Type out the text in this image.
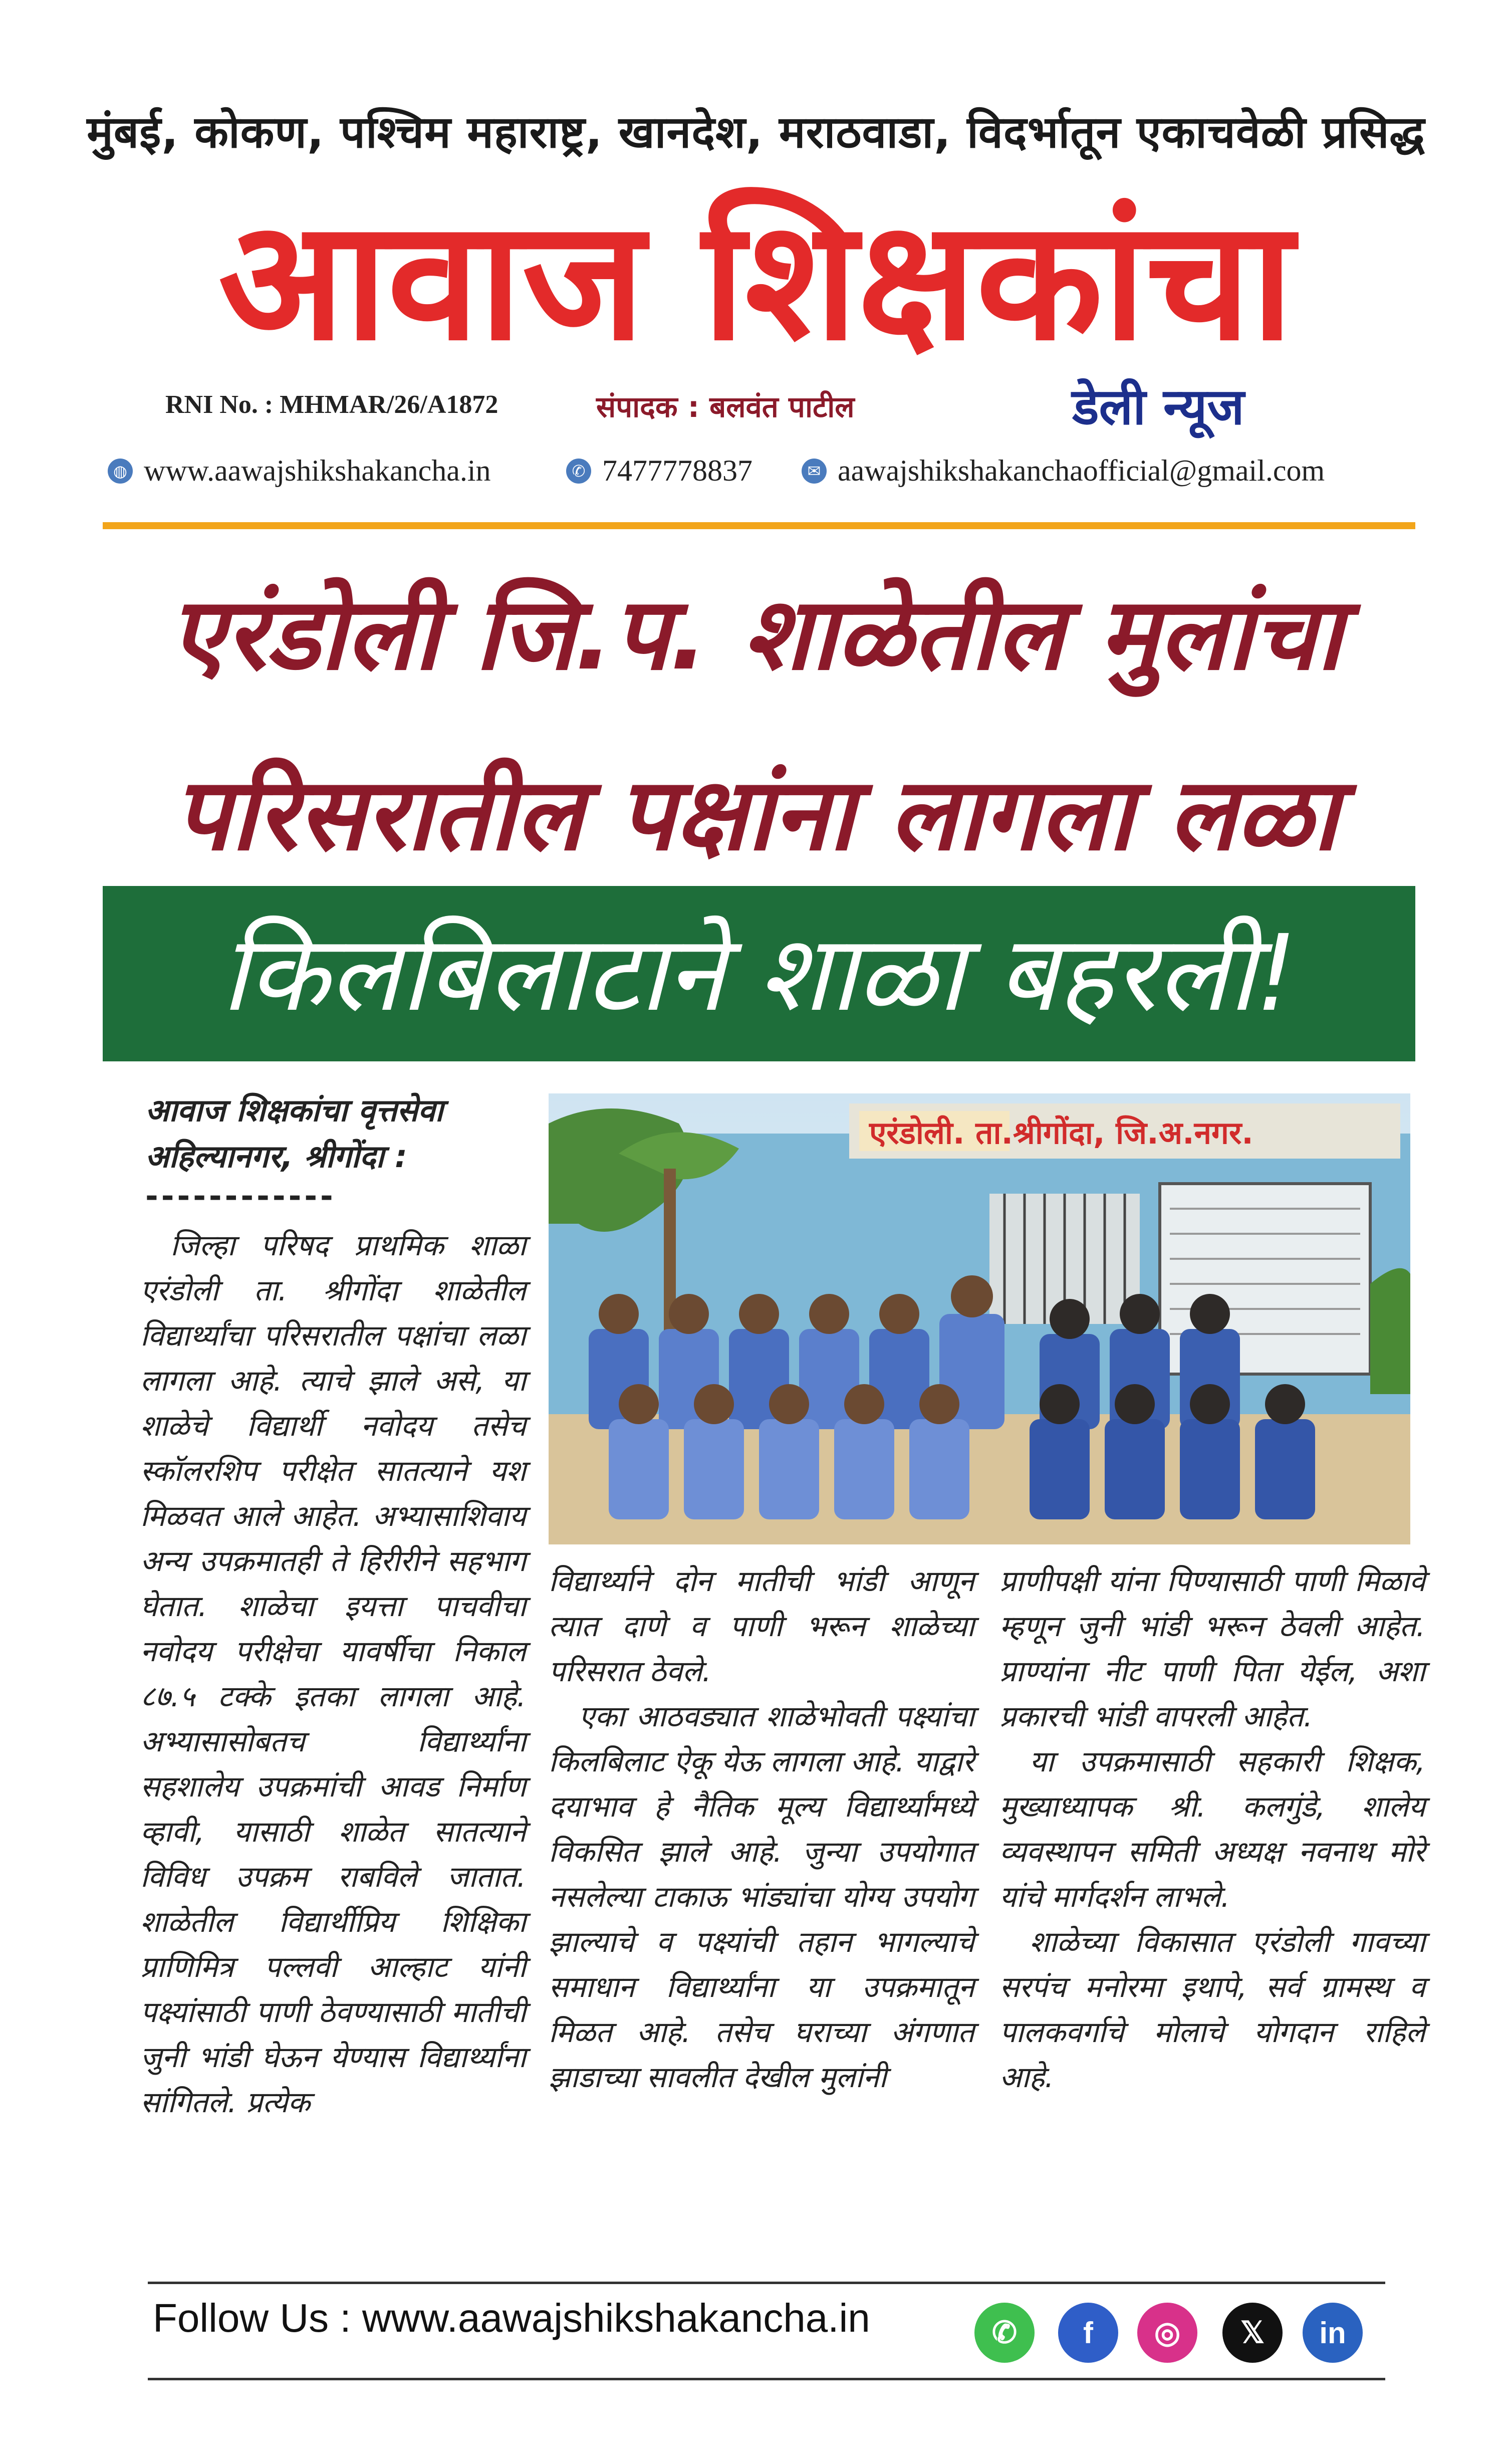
मुंबई, कोकण, पश्चिम महाराष्ट्र, खानदेश, मराठवाडा, विदर्भातून एकाचवेळी प्रसिद्ध
आवाज शिक्षकांचा
RNI No. : MHMAR/26/A1872	संपादक : बलवंत पाटील	डेली न्यूज
◍ www.aawajshikshakancha.in	✆ 7477778837	✉ aawajshikshakanchaofficial@gmail.com
एरंडोली जि.प. शाळेतील मुलांचा
परिसरातील पक्षांना लागला लळा
किलबिलाटाने शाळा बहरली!
आवाज शिक्षकांचा वृत्तसेवा
अहिल्यानगर, श्रीगोंदा :
------------

जिल्हा परिषद प्राथमिक शाळा एरंडोली ता. श्रीगोंदा शाळेतील विद्यार्थ्यांचा परिसरातील पक्षांचा लळा लागला आहे. त्याचे झाले असे, या शाळेचे विद्यार्थी नवोदय तसेच स्कॉलरशिप परीक्षेत सातत्याने यश मिळवत आले आहेत. अभ्यासाशिवाय अन्य उपक्रमातही ते हिरीरीने सहभाग घेतात. शाळेचा इयत्ता पाचवीचा नवोदय परीक्षेचा यावर्षीचा निकाल ८७.५ टक्के इतका लागला आहे. अभ्यासासोबतच विद्यार्थ्यांना सहशालेय उपक्रमांची आवड निर्माण व्हावी, यासाठी शाळेत सातत्याने विविध उपक्रम राबविले जातात. शाळेतील विद्यार्थीप्रिय शिक्षिका प्राणिमित्र पल्लवी आल्हाट यांनी पक्ष्यांसाठी पाणी ठेवण्यासाठी मातीची जुनी भांडी घेऊन येण्यास विद्यार्थ्यांना सांगितले. प्रत्येक

एरंडोली. ता.श्रीगोंदा, जि.अ.नगर.

विद्यार्थ्याने दोन मातीची भांडी आणून त्यात दाणे व पाणी भरून शाळेच्या परिसरात ठेवले.

एका आठवड्यात शाळेभोवती पक्ष्यांचा किलबिलाट ऐकू येऊ लागला आहे. याद्वारे दयाभाव हे नैतिक मूल्य विद्यार्थ्यांमध्ये विकसित झाले आहे. जुन्या उपयोगात नसलेल्या टाकाऊ भांड्यांचा योग्य उपयोग झाल्याचे व पक्ष्यांची तहान भागल्याचे समाधान विद्यार्थ्यांना या उपक्रमातून मिळत आहे. तसेच घराच्या अंगणात झाडाच्या सावलीत देखील मुलांनी

प्राणीपक्षी यांना पिण्यासाठी पाणी मिळावे म्हणून जुनी भांडी भरून ठेवली आहेत. प्राण्यांना नीट पाणी पिता येईल, अशा प्रकारची भांडी वापरली आहेत.

या उपक्रमासाठी सहकारी शिक्षक, मुख्याध्यापक श्री. कलगुंडे, शालेय व्यवस्थापन समिती अध्यक्ष नवनाथ मोरे यांचे मार्गदर्शन लाभले.

शाळेच्या विकासात एरंडोली गावच्या सरपंच मनोरमा इथापे, सर्व ग्रामस्थ व पालकवर्गाचे मोलाचे योगदान राहिले आहे.

Follow Us : www.aawajshikshakancha.in	✆	f	◎	𝕏	in
